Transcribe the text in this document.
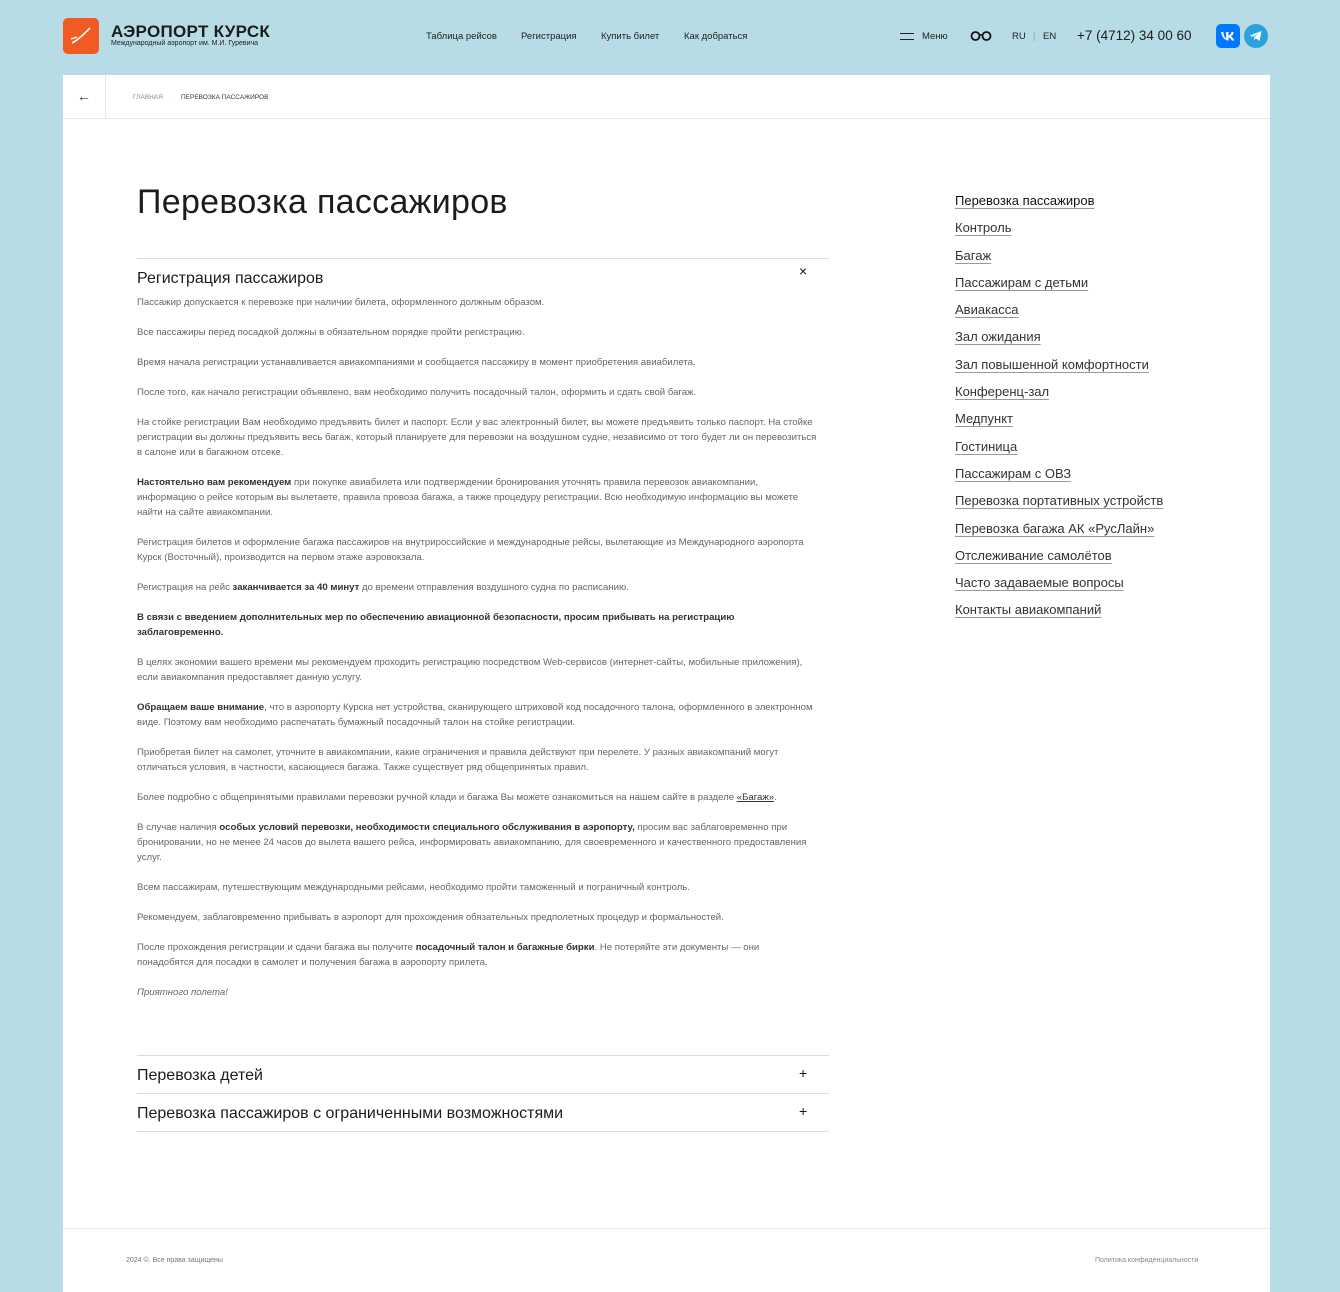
АЭРОПОРТ КУРСК
Международный аэропорт им. М.И. Гуревича
Таблица рейсов	Регистрация	Купить билет	Как добраться	Меню	RU | EN +7 (4712) 34 00 60
←	ГЛАВНАЯ · ПЕРЕВОЗКА ПАССАЖИРОВ
Перевозка пассажиров
Регистрация пассажиров	×

Пассажир допускается к перевозке при наличии билета, оформленного должным образом.

Все пассажиры перед посадкой должны в обязательном порядке пройти регистрацию.

Время начала регистрации устанавливается авиакомпаниями и сообщается пассажиру в момент приобретения авиабилета.

После того, как начало регистрации объявлено, вам необходимо получить посадочный талон, оформить и сдать свой багаж.

На стойке регистрации Вам необходимо предъявить билет и паспорт. Если у вас электронный билет, вы можете предъявить только паспорт. На стойке регистрации вы должны предъявить весь багаж, который планируете для перевозки на воздушном судне, независимо от того будет ли он перевозиться в салоне или в багажном отсеке.

Настоятельно вам рекомендуем при покупке авиабилета или подтверждении бронирования уточнять правила перевозок авиакомпании, информацию о рейсе которым вы вылетаете, правила провоза багажа, а также процедуру регистрации. Всю необходимую информацию вы можете найти на сайте авиакомпании.

Регистрация билетов и оформление багажа пассажиров на внутрироссийские и международные рейсы, вылетающие из Международного аэропорта Курск (Восточный), производится на первом этаже аэровокзала.

Регистрация на рейс заканчивается за 40 минут до времени отправления воздушного судна по расписанию.

В связи с введением дополнительных мер по обеспечению авиационной безопасности, просим прибывать на регистрацию заблаговременно.

В целях экономии вашего времени мы рекомендуем проходить регистрацию посредством Web-сервисов (интернет-сайты, мобильные приложения), если авиакомпания предоставляет данную услугу.

Обращаем ваше внимание, что в аэропорту Курска нет устройства, сканирующего штриховой код посадочного талона, оформленного в электронном виде. Поэтому вам необходимо распечатать бумажный посадочный талон на стойке регистрации.

Приобретая билет на самолет, уточните в авиакомпании, какие ограничения и правила действуют при перелете. У разных авиакомпаний могут отличаться условия, в частности, касающиеся багажа. Также существует ряд общепринятых правил.

Более подробно с общепринятыми правилами перевозки ручной клади и багажа Вы можете ознакомиться на нашем сайте в разделе «Багаж».

В случае наличия особых условий перевозки, необходимости специального обслуживания в аэропорту, просим вас заблаговременно при бронировании, но не менее 24 часов до вылета вашего рейса, информировать авиакомпанию, для своевременного и качественного предоставления услуг.

Всем пассажирам, путешествующим международными рейсами, необходимо пройти таможенный и пограничный контроль.

Рекомендуем, заблаговременно прибывать в аэропорт для прохождения обязательных предполетных процедур и формальностей.

После прохождения регистрации и сдачи багажа вы получите посадочный талон и багажные бирки. Не потеряйте эти документы — они понадобятся для посадки в самолет и получения багажа в аэропорту прилета.

Приятного полета!

Перевозка детей	+
Перевозка пассажиров с ограниченными возможностями	+
Перевозка пассажиров
Контроль
Багаж
Пассажирам с детьми
Авиакасса
Зал ожидания
Зал повышенной комфортности
Конференц-зал
Медпункт
Гостиница
Пассажирам с ОВЗ
Перевозка портативных устройств
Перевозка багажа АК «РусЛайн»
Отслеживание самолётов
Часто задаваемые вопросы
Контакты авиакомпаний
2024 ©. Все права защищены	Политика конфиденциальности
